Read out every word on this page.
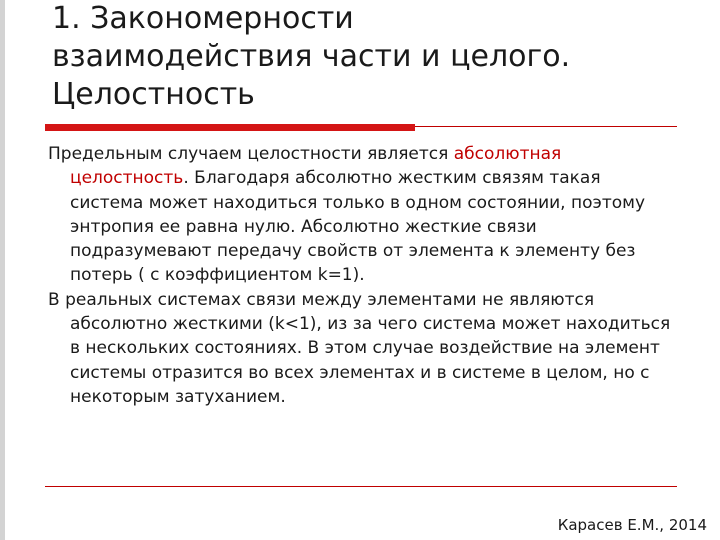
1. Закономерности
взаимодействия части и целого.
Целостность

Предельным случаем целостности является абсолютная целостность. Благодаря абсолютно жестким связям такая система может находиться только в одном состоянии, поэтому энтропия ее равна нулю. Абсолютно жесткие связи подразумевают передачу свойств от элемента к элементу без потерь ( с коэффициентом k=1).

В реальных системах связи между элементами не являются абсолютно жесткими (k<1), из за чего система может находиться в нескольких состояниях. В этом случае воздействие на элемент системы отразится во всех элементах и в системе в целом, но с некоторым затуханием.

Карасев Е.М., 2014
